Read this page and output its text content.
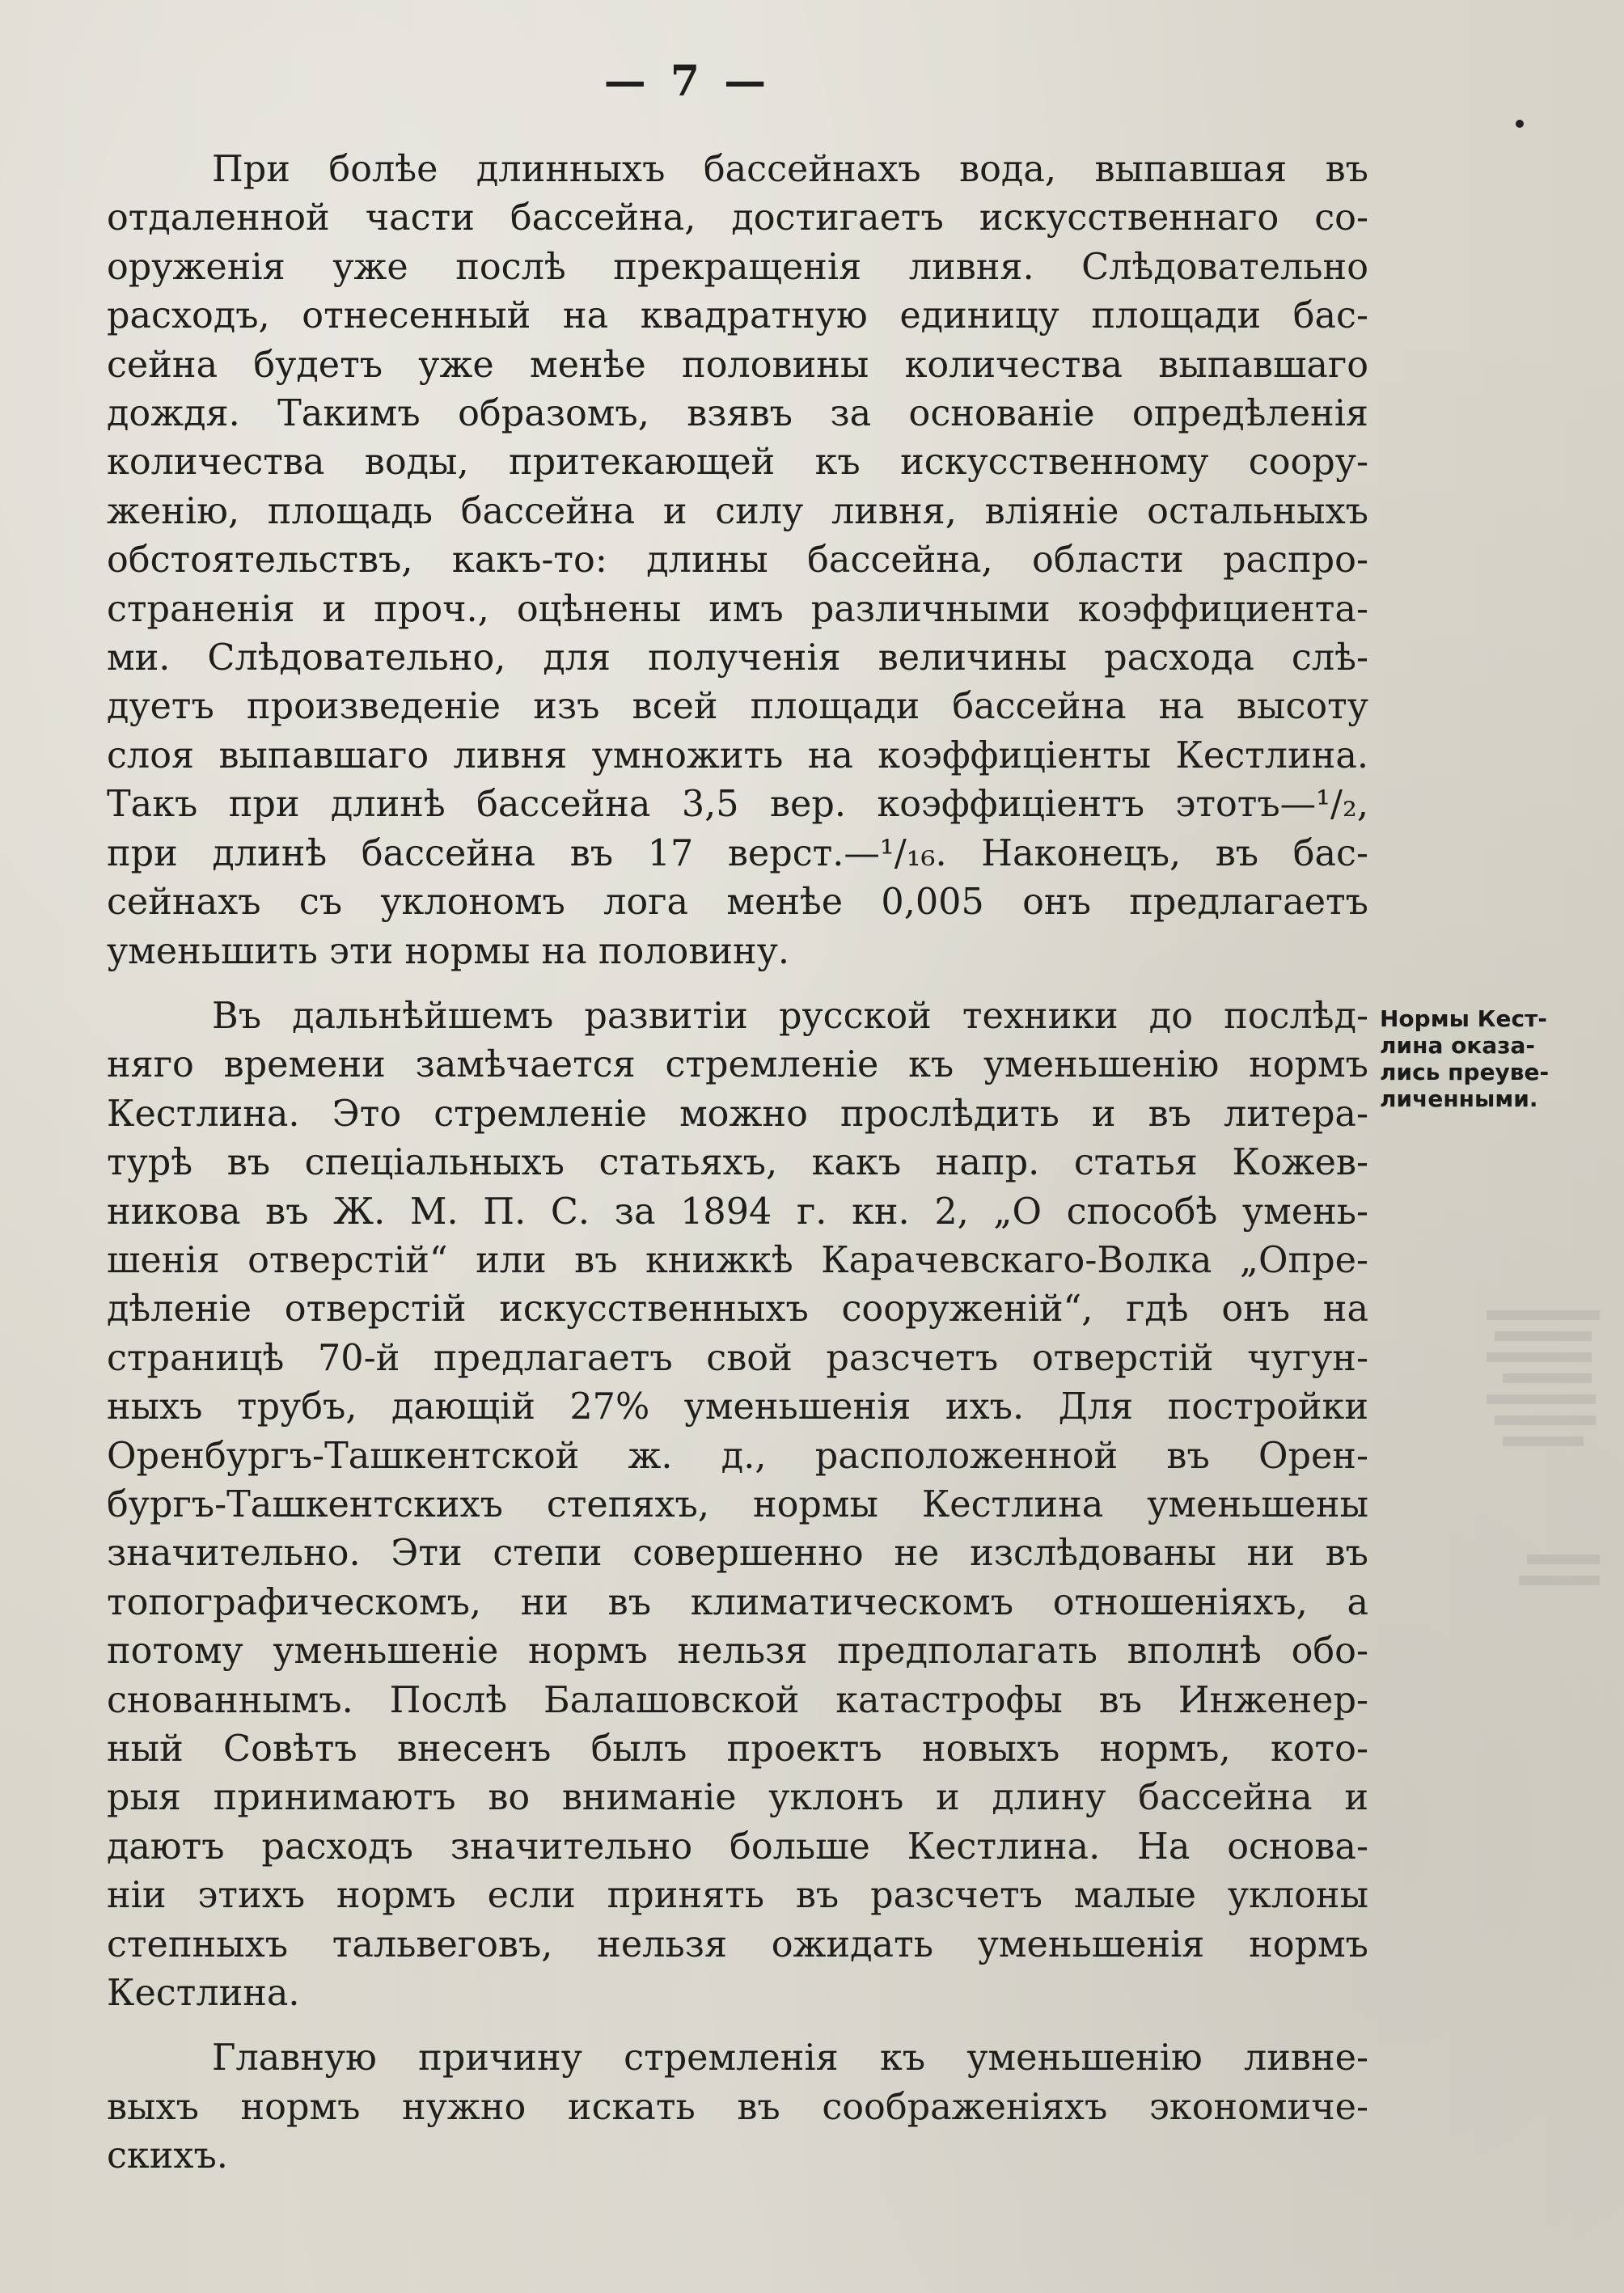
— 7 —
При болѣе длинныхъ бассейнахъ вода, выпавшая въ
отдаленной части бассейна, достигаетъ искусственнаго со-
оруженія уже послѣ прекращенія ливня. Слѣдовательно
расходъ, отнесенный на квадратную единицу площади бас-
сейна будетъ уже менѣе половины количества выпавшаго
дождя. Такимъ образомъ, взявъ за основаніе опредѣленія
количества воды, притекающей къ искусственному соору-
женію, площадь бассейна и силу ливня, вліяніе остальныхъ
обстоятельствъ, какъ-то: длины бассейна, области распро-
страненія и проч., оцѣнены имъ различными коэффициента-
ми. Слѣдовательно, для полученія величины расхода слѣ-
дуетъ произведеніе изъ всей площади бассейна на высоту
слоя выпавшаго ливня умножить на коэффиціенты Кестлина.
Такъ при длинѣ бассейна 3,5 вер. коэффиціентъ этотъ—¹/₂,
при длинѣ бассейна въ 17 верст.—¹/₁₆. Наконецъ, въ бас-
сейнахъ съ уклономъ лога менѣе 0,005 онъ предлагаетъ
уменьшить эти нормы на половину.
Въ дальнѣйшемъ развитіи русской техники до послѣд-
няго времени замѣчается стремленіе къ уменьшенію нормъ
Кестлина. Это стремленіе можно прослѣдить и въ литера-
турѣ въ спеціальныхъ статьяхъ, какъ напр. статья Кожев-
никова въ Ж. М. П. С. за 1894 г. кн. 2, „О способѣ умень-
шенія отверстій“ или въ книжкѣ Карачевскаго-Волка „Опре-
дѣленіе отверстій искусственныхъ сооруженій“, гдѣ онъ на
страницѣ 70-й предлагаетъ свой разсчетъ отверстій чугун-
ныхъ трубъ, дающій 27% уменьшенія ихъ. Для постройки
Оренбургъ-Ташкентской ж. д., расположенной въ Орен-
бургъ-Ташкентскихъ степяхъ, нормы Кестлина уменьшены
значительно. Эти степи совершенно не изслѣдованы ни въ
топографическомъ, ни въ климатическомъ отношеніяхъ, а
потому уменьшеніе нормъ нельзя предполагать вполнѣ обо-
снованнымъ. Послѣ Балашовской катастрофы въ Инженер-
ный Совѣтъ внесенъ былъ проектъ новыхъ нормъ, кото-
рыя принимаютъ во вниманіе уклонъ и длину бассейна и
даютъ расходъ значительно больше Кестлина. На основа-
ніи этихъ нормъ если принять въ разсчетъ малые уклоны
степныхъ тальвеговъ, нельзя ожидать уменьшенія нормъ
Кестлина.
Главную причину стремленія къ уменьшенію ливне-
выхъ нормъ нужно искать въ соображеніяхъ экономиче-
скихъ.
Нормы Кест-
лина оказа-
лись преуве-
личенными.
